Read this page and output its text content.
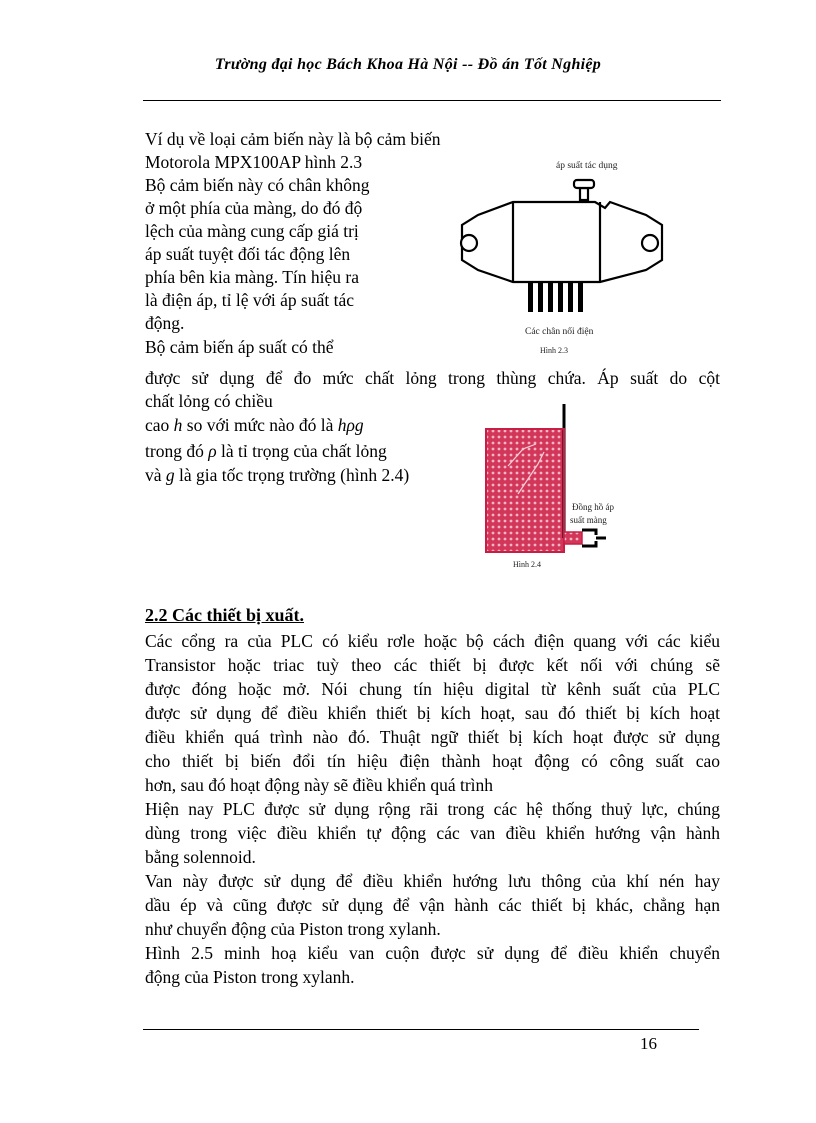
Trường đại học Bách Khoa Hà Nội -- Đồ án Tốt Nghiệp
Ví dụ về loại cảm biến này là bộ cảm biến
Motorola MPX100AP hình 2.3
Bộ cảm biến này có chân không
ở một phía của màng, do đó độ
lệch của màng cung cấp giá trị
áp suất tuyệt đối tác động lên
phía bên kia màng. Tín hiệu ra
là điện áp, tỉ lệ với áp suất tác
động.
Bộ cảm biến áp suất có thể
áp suất tác dụng
Các chân nối điện
Hình 2.3
được sử dụng để đo mức chất lỏng trong thùng chứa. Áp suất do cột
chất lỏng có chiều
cao h so với mức nào đó là hρg
trong đó ρ là tỉ trọng của chất lỏng
và g là gia tốc trọng trường (hình 2.4)
Đồng hồ áp
suất màng
Hình 2.4
2.2 Các thiết bị xuất.
Các cổng ra của PLC có kiểu rơle hoặc bộ cách điện quang với các kiểu
Transistor hoặc triac tuỳ theo các thiết bị được kết nối với chúng sẽ
được đóng hoặc mở. Nói chung tín hiệu digital từ kênh suất của PLC
được sử dụng để điều khiển thiết bị kích hoạt, sau đó thiết bị kích hoạt
điều khiển quá trình nào đó. Thuật ngữ thiết bị kích hoạt được sử dụng
cho thiết bị biến đổi tín hiệu điện thành hoạt động có công suất cao
hơn, sau đó hoạt động này sẽ điều khiển quá trình
Hiện nay PLC được sử dụng rộng rãi trong các hệ thống thuỷ lực, chúng
dùng trong việc điều khiển tự động các van điều khiển hướng vận hành
bằng solennoid.
Van này được sử dụng để điều khiển hướng lưu thông của khí nén hay
dầu ép và cũng được sử dụng để vận hành các thiết bị khác, chẳng hạn
như chuyển động của Piston trong xylanh.
Hình 2.5 minh hoạ kiểu van cuộn được sử dụng để điều khiển chuyển
động của Piston trong xylanh.
16
